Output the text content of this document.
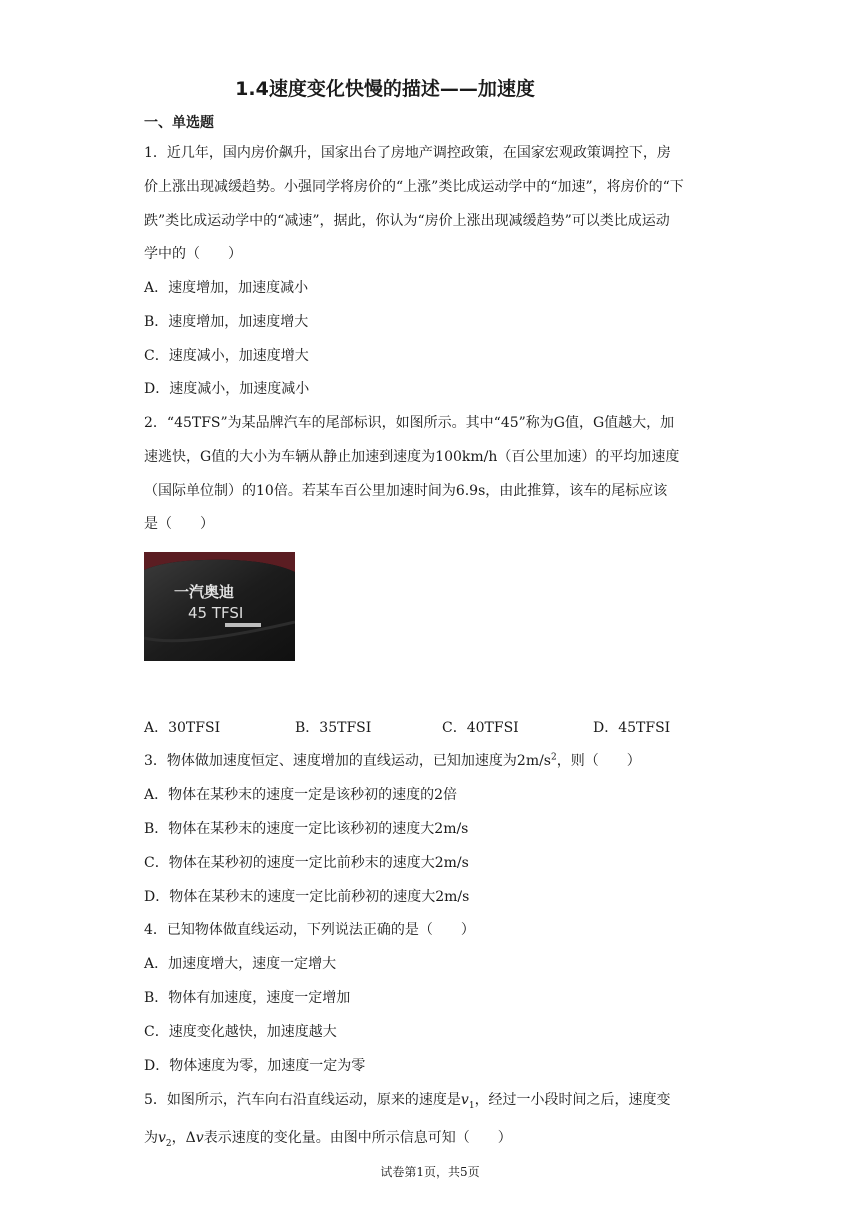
1.4速度变化快慢的描述——加速度
一、单选题
1．近几年，国内房价飙升，国家出台了房地产调控政策，在国家宏观政策调控下，房
价上涨出现减缓趋势。小强同学将房价的“上涨”类比成运动学中的“加速”，将房价的“下
跌”类比成运动学中的“减速”，据此，你认为“房价上涨出现减缓趋势”可以类比成运动
学中的（　　）
A．速度增加，加速度减小
B．速度增加，加速度增大
C．速度减小，加速度增大
D．速度减小，加速度减小
2．“45TFS”为某品牌汽车的尾部标识，如图所示。其中“45”称为G值，G值越大，加
速逃快，G值的大小为车辆从静止加速到速度为100km/h（百公里加速）的平均加速度
（国际单位制）的10倍。若某车百公里加速时间为6.9s，由此推算，该车的尾标应该
是（　　）
一汽奥迪
45 TFSI
A．30TFSI	B．35TFSI	C．40TFSI	D．45TFSI
3．物体做加速度恒定、速度增加的直线运动，已知加速度为$2m/s^2$，则（　　）
A．物体在某秒末的速度一定是该秒初的速度的2倍
B．物体在某秒末的速度一定比该秒初的速度大2m/s
C．物体在某秒初的速度一定比前秒末的速度大2m/s
D．物体在某秒末的速度一定比前秒初的速度大2m/s
4．已知物体做直线运动，下列说法正确的是（　　）
A．加速度增大，速度一定增大
B．物体有加速度，速度一定增加
C．速度变化越快，加速度越大
D．物体速度为零，加速度一定为零
5．如图所示，汽车向右沿直线运动，原来的速度是$v_1$，经过一小段时间之后，速度变
为$v_2$，Δv表示速度的变化量。由图中所示信息可知（　　）
试卷第1页，共5页
